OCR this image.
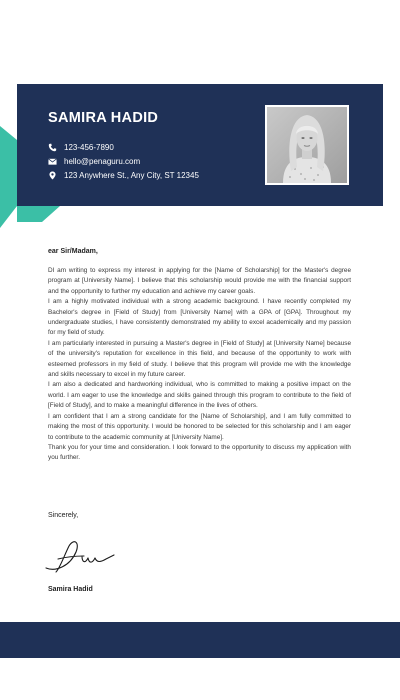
SAMIRA HADID
123-456-7890
hello@penaguru.com
123 Anywhere St., Any City, ST 12345

ear Sir/Madam,

DI am writing to express my interest in applying for the [Name of Scholarship] for the Master's degree program at [University Name]. I believe that this scholarship would provide me with the financial support and the opportunity to further my education and achieve my career goals.

I am a highly motivated individual with a strong academic background. I have recently completed my Bachelor's degree in [Field of Study] from [University Name] with a GPA of [GPA]. Throughout my undergraduate studies, I have consistently demonstrated my ability to excel academically and my passion for my field of study.

I am particularly interested in pursuing a Master's degree in [Field of Study] at [University Name] because of the university's reputation for excellence in this field, and because of the opportunity to work with esteemed professors in my field of study. I believe that this program will provide me with the knowledge and skills necessary to excel in my future career.

I am also a dedicated and hardworking individual, who is committed to making a positive impact on the world. I am eager to use the knowledge and skills gained through this program to contribute to the field of [Field of Study], and to make a meaningful difference in the lives of others.

I am confident that I am a strong candidate for the [Name of Scholarship], and I am fully committed to making the most of this opportunity. I would be honored to be selected for this scholarship and I am eager to contribute to the academic community at [University Name].

Thank you for your time and consideration. I look forward to the opportunity to discuss my application with you further.

Sincerely,

Samira Hadid
